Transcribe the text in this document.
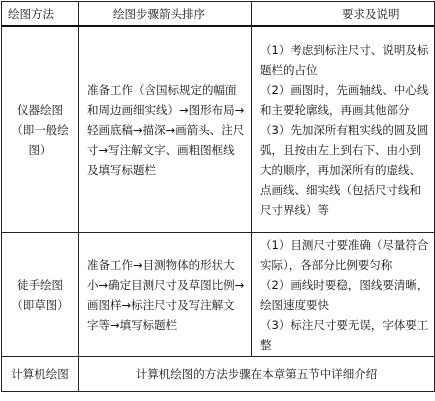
绘图方法	绘图步骤箭头排序	要求及说明

仪器绘图
（即一般绘图）	准备工作（含国标规定的幅面和周边画细实线）→图形布局→轻画底稿→描深→画箭头、注尺寸→写注解文字、画粗图框线及填写标题栏	（1）考虑到标注尺寸、说明及标题栏的占位
（2）画图时，先画轴线、中心线和主要轮廓线，再画其他部分
（3）先加深所有粗实线的圆及圆弧，且按由左上到右下、由小到大的顺序，再加深所有的虚线、点画线、细实线（包括尺寸线和尺寸界线）等

徒手绘图
（即草图）	准备工作→目测物体的形状大小→确定目测尺寸及草图比例→画图样→标注尺寸及写注解文字等→填写标题栏	（1）目测尺寸要准确（尽量符合实际），各部分比例要匀称
（2）画线时要稳，图线要清晰，绘图速度要快
（3）标注尺寸要无误，字体要工整

计算机绘图	计算机绘图的方法步骤在本章第五节中详细介绍	
